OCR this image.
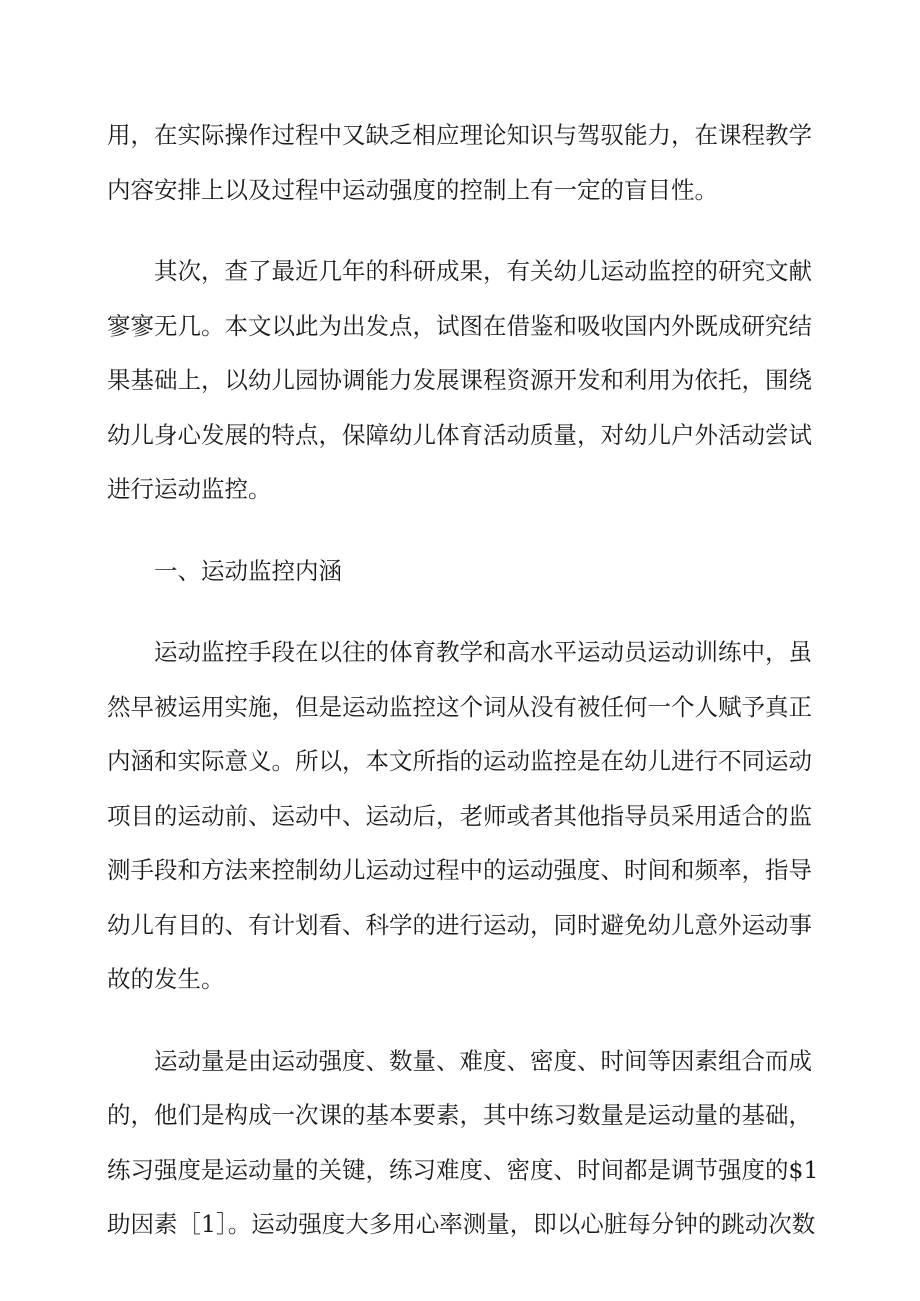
用，在实际操作过程中又缺乏相应理论知识与驾驭能力，在课程教学
内容安排上以及过程中运动强度的控制上有一定的盲目性。
其次，查了最近几年的科研成果，有关幼儿运动监控的研究文献
寥寥无几。本文以此为出发点，试图在借鉴和吸收国内外既成研究结
果基础上，以幼儿园协调能力发展课程资源开发和利用为依托，围绕
幼儿身心发展的特点，保障幼儿体育活动质量，对幼儿户外活动尝试
进行运动监控。
一、运动监控内涵
运动监控手段在以往的体育教学和高水平运动员运动训练中，虽
然早被运用实施，但是运动监控这个词从没有被任何一个人赋予真正
内涵和实际意义。所以，本文所指的运动监控是在幼儿进行不同运动
项目的运动前、运动中、运动后，老师或者其他指导员采用适合的监
测手段和方法来控制幼儿运动过程中的运动强度、时间和频率，指导
幼儿有目的、有计划看、科学的进行运动，同时避免幼儿意外运动事
故的发生。
运动量是由运动强度、数量、难度、密度、时间等因素组合而成
的，他们是构成一次课的基本要素，其中练习数量是运动量的基础，
练习强度是运动量的关键，练习难度、密度、时间都是调节强度的$1
助因素［1］。运动强度大多用心率测量，即以心脏每分钟的跳动次数
